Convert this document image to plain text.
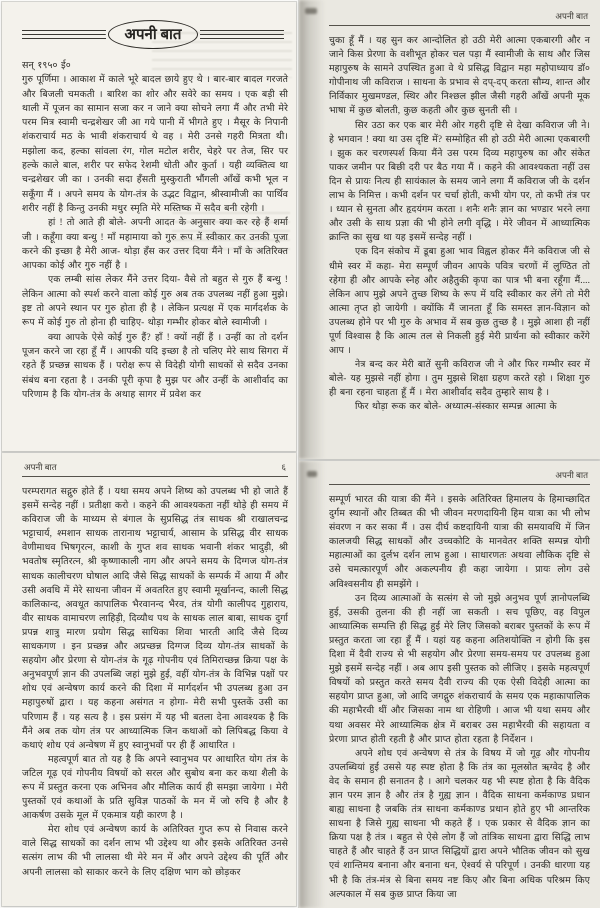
अपनी बात

सन् १९५० ई०

गुरु पूर्णिमा । आकाश में काले भूरे बादल छाये हुए थे । बार-बार बादल गरजते और बिजली चमकती । बारिश का शोर और सवेरे का समय । एक बड़ी सी थाली में पूजन का सामान सजा कर न जाने क्या सोचने लगा मैं और तभी मेरे परम मित्र स्वामी चन्द्रशेखर जी आ गये पानी में भीगते हुए । मैसूर के निपानी शंकराचार्य मठ के भावी शंकराचार्य थे वह । मेरी उनसे गहरी मित्रता थी। मझोला कद, हल्का सांवला रंग, गोल मटोल शरीर, चेहरे पर तेज, सिर पर हल्के काले बाल, शरीर पर सफेद रेशमी धोती और कुर्ता । यही व्यक्तित्व था चन्द्रशेखर जी का । उनकी सदा हँसती मुस्कुराती भौंगली आँखें कभी भूल न सकूँगा मैं । अपने समय के योग-तंत्र के उद्भट विद्वान, श्रीस्वामीजी का पार्थिव शरीर नहीं है किन्तु उनकी मधुर स्मृति मेरे मस्तिष्क में सदैव बनी रहेगी ।

हां ! तो आते ही बोले- अपनी आदत के अनुसार क्या कर रहे हैं शर्मा जी । कहूँगा क्या बन्धु ! माँ महामाया को गुरु रूप में स्वीकार कर उनकी पूजा करने की इच्छा है मेरी आज- थोड़ा हँस कर उत्तर दिया मैंने । माँ के अतिरिक्त आपका कोई और गुरु नहीं है ।

एक लम्बी सांस लेकर मैंने उत्तर दिया- वैसे तो बहुत से गुरु हैं बन्धु ! लेकिन आत्मा को स्पर्श करने वाला कोई गुरु अब तक उपलब्ध नहीं हुआ मुझे। इष्ट तो अपने स्थान पर गुरु होता ही है । लेकिन प्रत्यक्ष में एक मार्गदर्शक के रूप में कोई गुरु तो होना ही चाहिए- थोड़ा गम्भीर होकर बोले स्वामीजी ।

क्या आपके ऐसे कोई गुरु हैं? हाँ ! क्यों नहीं हैं । उन्हीं का तो दर्शन पूजन करने जा रहा हूँ मैं । आपकी यदि इच्छा है तो चलिए मेरे साथ सिगरा में रहते हैं प्रच्छन्न साधक हैं । परोक्ष रूप से विदेही योगी साधकों से सदैव उनका संबंध बना रहता है । उनकी पूरी कृपा है मुझ पर और उन्हीं के आशीर्वाद का परिणाम है कि योग-तंत्र के अथाह सागर में प्रवेश कर

अपनी बात

चुका हूँ मैं । यह सुन कर आन्दोलित हो उठी मेरी आत्मा एकबारगी और न जाने किस प्रेरणा के वशीभूत होकर चल पड़ा मैं स्वामीजी के साथ और जिस महापुरुष के सामने उपस्थित हुआ वे थे प्रसिद्ध विद्वान महा महोपाध्याय डॉ० गोपीनाथ जी कविराज । साधना के प्रभाव से दप्-दप् करता सौम्य, शान्त और निर्विकार मुखमण्डल, स्थिर और निश्छल झील जैसी गहरी आँखें अपनी मूक भाषा में कुछ बोलती, कुछ कहती और कुछ सुनती सी ।

सिर उठा कर एक बार मेरी ओर गहरी दृष्टि से देखा कविराज जी ने। हे भगवान ! क्या था उस दृष्टि में? सम्मोहित सी हो उठी मेरी आत्मा एकबारगी । झुक कर चरणस्पर्श किया मैंने उस परम दिव्य महापुरुष का और संकेत पाकर जमीन पर बिछी दरी पर बैठ गया मैं । कहने की आवश्यकता नहीं उस दिन से प्रायः नित्य ही सायंकाल के समय जाने लगा मैं कविराज जी के दर्शन लाभ के निमित्त । कभी दर्शन पर चर्चा होती, कभी योग पर, तो कभी तंत्र पर । ध्यान से सुनता और हृदयंगम करता । शनैः शनैः ज्ञान का भण्डार भरने लगा और उसी के साथ प्रज्ञा की भी होने लगी वृद्धि । मेरे जीवन में आध्यात्मिक क्रान्ति का सुख था यह इसमें सन्देह नहीं ।

एक दिन संकोच में डूबा हुआ भाव विह्वल होकर मैंने कविराज जी से धीमे स्वर में कहा- मेरा सम्पूर्ण जीवन आपके पवित्र चरणों में लुण्ठित तो रहेगा ही और आपके स्नेह और अहैतुकी कृपा का पात्र भी बना रहूँगा मैं.... लेकिन आप मुझे अपने तुच्छ शिष्य के रूप में यदि स्वीकार कर लेंगे तो मेरी आत्मा तृप्त हो जायेगी । क्योंकि मैं जानता हूँ कि समस्त ज्ञान-विज्ञान को उपलब्ध होने पर भी गुरु के अभाव में सब कुछ तुच्छ है । मुझे आशा ही नहीं पूर्ण विश्वास है कि आत्म तल से निकली हुई मेरी प्रार्थना को स्वीकार करेंगे आप ।

नेत्र बन्द कर मेरी बातें सुनी कविराज जी ने और फिर गम्भीर स्वर में बोले- यह मुझसे नहीं होगा । तुम मुझसे शिक्षा ग्रहण करते रहो । शिक्षा गुरु ही बना रहना चाहता हूँ मैं । मेरा आशीर्वाद सदैव तुम्हारे साथ है ।

फिर थोड़ा रूक कर बोले- अध्यात्म-संस्कार सम्पन्न आत्मा के

अपनी बात	६

परम्परागत सद्गुरु होते हैं । यथा समय अपने शिष्य को उपलब्ध भी हो जाते हैं इसमें सन्देह नहीं । प्रतीक्षा करो । कहने की आवश्यकता नहीं थोड़े ही समय में कविराज जी के माध्यम से बंगाल के सुप्रसिद्ध तंत्र साधक श्री राखालचन्द्र भट्टाचार्य, श्मशान साधक तारानाथ भट्टाचार्य, आसाम के प्रसिद्ध वीर साधक वेणीमाधव भिषगृरत्न, काशी के गुप्त शव साधक भवानी शंकर भादुड़ी, श्री भवतोष स्मृतिरत्न, श्री कृष्णाकाली नाग और अपने समय के दिग्गज योग-तंत्र साधक कालीचरण घोषाल आदि जैसे सिद्ध साधकों के सम्पर्क में आया मैं और उसी अवधि में मेरे साधना जीवन में अवतरित हुए स्वामी मूर्खानन्द, काली सिद्ध कालिकान्द, अवधूत कापालिक भैरवानन्द भैरव, तंत्र योगी कालीपद गुहाराय, वीर साधक वामाचरण लाहिड़ी, दिव्यौध पथ के साधक लाल बाबा, साधक दुर्गा प्रपन्न शात्रु मारण प्रयोग सिद्ध साधिका शिवा भारती आदि जैसे दिव्य साधकगण । इन प्रच्छन्न और अप्रच्छन्न दिग्गज दिव्य योग-तंत्र साधकों के सहयोग और प्रेरणा से योग-तंत्र के गूढ़ गोपनीय एवं तिमिराच्छन्न क्रिया पक्ष के अनुभवपूर्ण ज्ञान की उपलब्धि जहां मुझे हुई, वहीं योग-तंत्र के विभिन्न पक्षों पर शोध एवं अन्वेषण कार्य करने की दिशा में मार्गदर्शन भी उपलब्ध हुआ उन महापुरुषों द्वारा । यह कहना असंगत न होगा- मेरी सभी पुस्तकें उसी का परिणाम हैं । यह सत्य है । इस प्रसंग में यह भी बतला देना आवश्यक है कि मैंने अब तक योग तंत्र पर आध्यात्मिक जिन कथाओं को लिपिबद्ध किया वे कथाएं शोध एवं अन्वेषण में हुए स्वानुभवों पर ही हैं आधारित ।

महत्वपूर्ण बात तो यह है कि अपने स्वानुभव पर आधारित योग तंत्र के जटिल गूढ़ एवं गोपनीय विषयों को सरल और सुबोध बना कर कथा शैली के रूप में प्रस्तुत करना एक अभिनव और मौलिक कार्य ही समझा जायेगा । मेरी पुस्तकों एवं कथाओं के प्रति सुविज्ञ पाठकों के मन में जो रुचि है और है आकर्षण उसके मूल में एकमात्र यही कारण है ।

मेरा शोध एवं अन्वेषण कार्य के अतिरिक्त गुप्त रूप से निवास करने वाले सिद्ध साधकों का दर्शन लाभ भी उद्देश्य था और इसके अतिरिक्त उनसे सत्संग लाभ की भी लालसा थी मेरे मन में और अपने उद्देश्य की पूर्ति और अपनी लालसा को साकार करने के लिए दक्षिण भाग को छोड़कर

अपनी बात

सम्पूर्ण भारत की यात्रा की मैंने । इसके अतिरिक्त हिमालय के हिमाच्छादित दुर्गम स्थानों और तिब्बत की भी जीवन मरणदायिनी हिम यात्रा का भी लोभ संवरण न कर सका मैं । उस दीर्घ कष्टदायिनी यात्रा की समयावधि में जिन कालजयी सिद्ध साधकों और उच्चकोटि के मानवेतर शक्ति सम्पन्न योगी महात्माओं का दुर्लभ दर्शन लाभ हुआ । साधारणतः अथवा लौकिक दृष्टि से उसे चमत्कारपूर्ण और अकल्पनीय ही कहा जायेगा । प्रायः लोग उसे अविश्वसनीय ही समझेंगे ।

उन दिव्य आत्माओं के सत्संग से जो मुझे अनुभव पूर्ण ज्ञानोपलब्धि हुई, उसकी तुलना की ही नहीं जा सकती । सच पूछिए, वह विपुल आध्यात्मिक सम्पत्ति ही सिद्ध हुई मेरे लिए जिसको बराबर पुस्तकों के रूप में प्रस्तुत करता जा रहा हूँ मैं । यहां यह कहना अतिशयोक्ति न होगी कि इस दिशा में दैवी राज्य से भी सहयोग और प्रेरणा समय-समय पर उपलब्ध हुआ मुझे इसमें सन्देह नहीं । अब आप इसी पुस्तक को लीजिए । इसके महत्वपूर्ण विषयों को प्रस्तुत करते समय दैवी राज्य की एक ऐसी विदेही आत्मा का सहयोग प्राप्त हुआ, जो आदि जगद्गुरु शंकराचार्य के समय एक महाकापालिक की महाभैरवी थीं और जिसका नाम था रोहिणी । आज भी यथा समय और यथा अवसर मेरे आध्यात्मिक क्षेत्र में बराबर उस महाभैरवी की सहायता व प्रेरणा प्राप्त होती रहती है और प्राप्त होता रहता है निर्देशन ।

अपने शोध एवं अन्वेषण से तंत्र के विषय में जो गूढ़ और गोपनीय उपलब्धियां हुई उससे यह स्पष्ट होता है कि तंत्र का मूलस्रोत ऋग्वेद है और वेद के समान ही सनातन है । आगे चलकर यह भी स्पष्ट होता है कि वैदिक ज्ञान परम ज्ञान है और तंत्र है गुह्य ज्ञान । वैदिक साधना कर्मकाण्ड प्रधान बाह्य साधना है जबकि तंत्र साधना कर्मकाण्ड प्रधान होते हुए भी आन्तरिक साधना है जिसे गुह्य साधना भी कहते हैं । एक प्रकार से वैदिक ज्ञान का क्रिया पक्ष है तंत्र । बहुत से ऐसे लोग हैं जो तांत्रिक साधना द्वारा सिद्धि लाभ चाहते हैं और चाहते हैं उन प्राप्त सिद्धियों द्वारा अपने भौतिक जीवन को सुख एवं शान्तिमय बनाना और बनाना धन, ऐश्वर्य से परिपूर्ण । उनकी धारणा यह भी है कि तंत्र-मंत्र से बिना समय नष्ट किए और बिना अधिक परिश्रम किए अल्पकाल में सब कुछ प्राप्त किया जा
